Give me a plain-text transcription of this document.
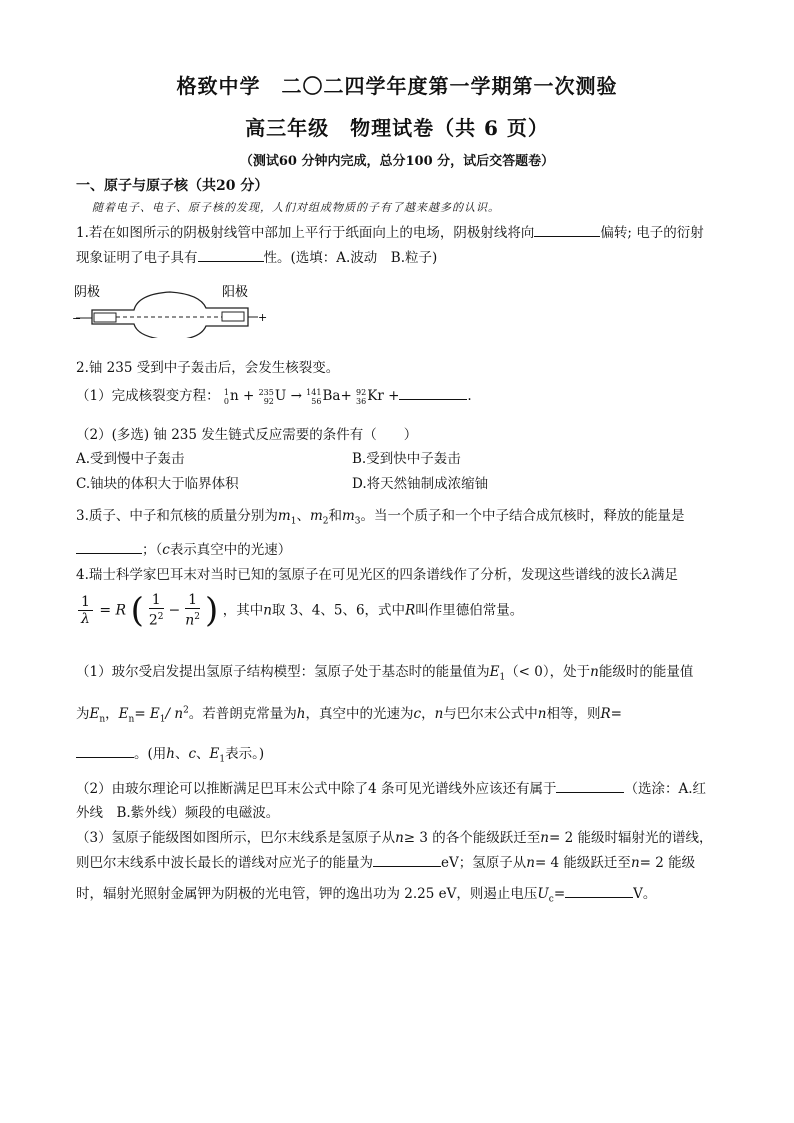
格致中学　二〇二四学年度第一学期第一次测验
高三年级　物理试卷（共 6 页）
（测试60 分钟内完成，总分100 分，试后交答题卷）
一、原子与原子核（共20 分）
随着电子、电子、原子核的发现，人们对组成物质的子有了越来越多的认识。
1.若在如图所示的阴极射线管中部加上平行于纸面向上的电场，阴极射线将向	偏转; 电子的衍射
现象证明了电子具有	性。(选填：A.波动　B.粒子)
阴极	阳极
−	+
2.铀 235 受到中子轰击后，会发生核裂变。
（1）完成核裂变方程： 1
0 n + 235
92 U → 141
56 Ba+ 92
36 Kr +	.
（2）(多选) 铀 235 发生链式反应需要的条件有（　　）
A.受到慢中子轰击	B.受到快中子轰击
C.铀块的体积大于临界体积	D.将天然铀制成浓缩铀
3.质子、中子和氘核的质量分别为$m_1$、$m_2$和$m_3$。当一个质子和一个中子结合成氘核时，释放的能量是
；（c表示真空中的光速）
4.瑞士科学家巴耳末对当时已知的氢原子在可见光区的四条谱线作了分析，发现这些谱线的波长λ满足
$\frac{1}{\lambda} = R$ ( $\frac{1}{2^2} - \frac{1}{n^2}$ ) ，其中n取 3、4、5、6，式中R叫作里德伯常量。
（1）玻尔受启发提出氢原子结构模型：氢原子处于基态时的能量值为$E_1(< 0)$，处于n能级时的能量值
为$E_n$，$E_n= E_1/$ $n^2$。若普朗克常量为h，真空中的光速为c，n与巴尔末公式中n相等，则R=
。(用h、c、$E_1$表示。)
（2）由玻尔理论可以推断满足巴耳末公式中除了4 条可见光谱线外应该还有属于	（选涂：A.红
外线　B.紫外线）频段的电磁波。
（3）氢原子能级图如图所示，巴尔末线系是氢原子从n≥ 3 的各个能级跃迁至n= 2 能级时辐射光的谱线，
则巴尔末线系中波长最长的谱线对应光子的能量为	eV；氢原子从n= 4 能级跃迁至n= 2 能级
时，辐射光照射金属钾为阴极的光电管，钾的逸出功为 2.25 eV，则遏止电压$U_c=$	V。
